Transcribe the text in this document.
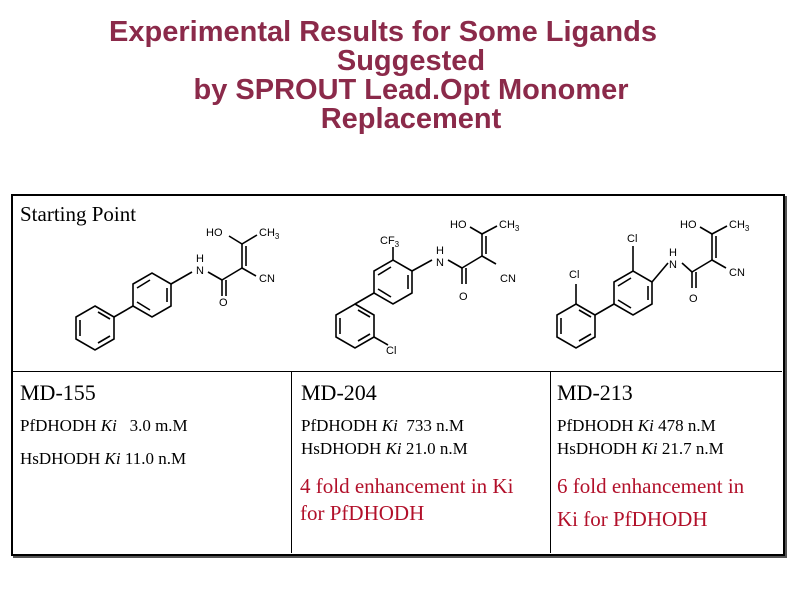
Experimental Results for Some Ligands
Suggested
by SPROUT Lead.Opt Monomer
Replacement
Starting Point
MD-155
PfDHODH Ki   3.0 m.M
HsDHODH Ki 11.0 n.M
MD-204
PfDHODH Ki  733 n.M
HsDHODH Ki 21.0 n.M
4 fold enhancement in Ki
for PfDHODH
MD-213
PfDHODH Ki 478 n.M
HsDHODH Ki 21.7 n.M
6 fold enhancement in
Ki for PfDHODH
HO	$CH_3$
H
N
CN
O
HO	$CH_3$
$CF_3$
H
N
CN
O
Cl
HO	$CH_3$
Cl
H
N
CN
Cl
O
